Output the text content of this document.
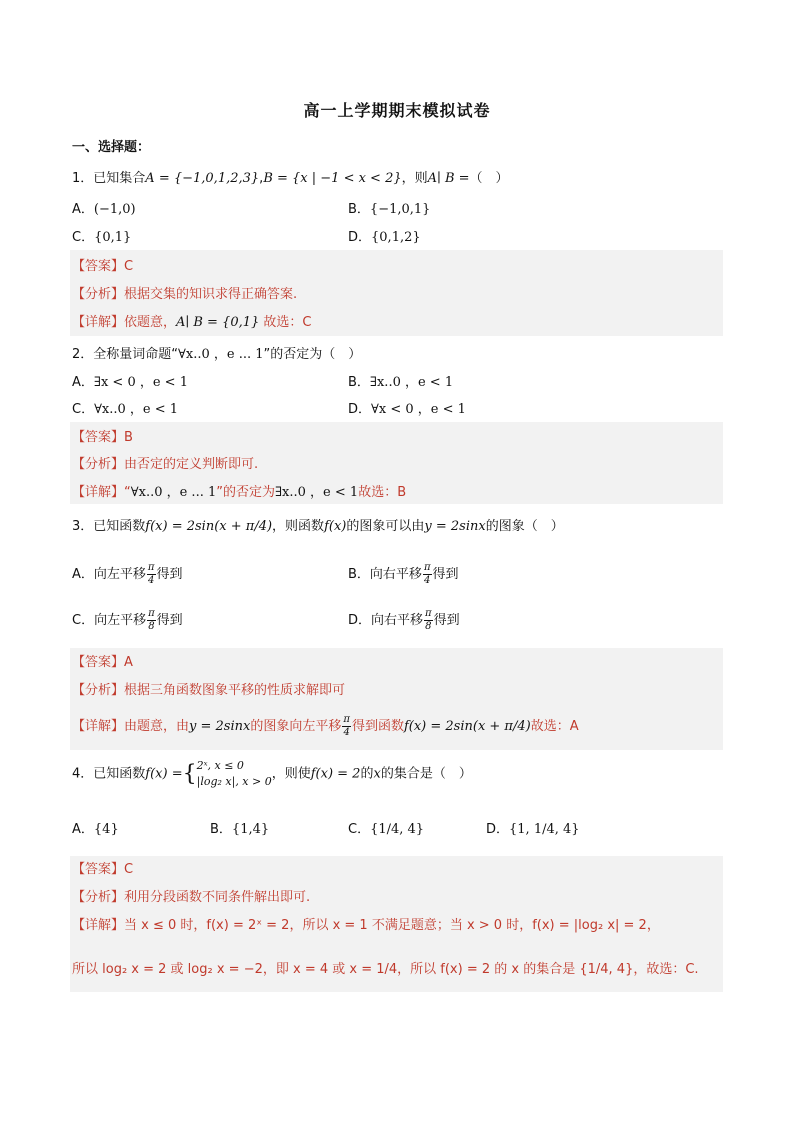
高一上学期期末模拟试卷
一、选择题：
1．已知集合A = {−1,0,1,2,3},B = {x | −1 < x < 2}，则A∣ B =（　）
A．(−1,0)	B．{−1,0,1}
C．{0,1}	D．{0,1,2}
【答案】C
【分析】根据交集的知识求得正确答案.
【详解】依题意，A∣ B = {0,1} 故选：C
2．全称量词命题“∀x..0 ，e ... 1”的否定为（　）
A．∃x < 0 ，e < 1	B．∃x..0 ，e < 1
C．∀x..0 ，e < 1	D．∀x < 0 ，e < 1
【答案】B
【分析】由否定的定义判断即可.
【详解】“∀x..0 ，e ... 1”的否定为∃x..0 ，e < 1故选：B
3．已知函数f(x) = 2sin(x + π/4)，则函数f(x)的图象可以由y = 2sinx的图象（　）
A．向左平移 $\frac{\pi}{4}$ 得到	B．向右平移 $\frac{\pi}{4}$ 得到
C．向左平移 $\frac{\pi}{8}$ 得到	D．向右平移 $\frac{\pi}{8}$ 得到
【答案】A
【分析】根据三角函数图象平移的性质求解即可
【详解】由题意，由y = 2sinx的图象向左平移 $\frac{\pi}{4}$ 得到函数f(x) = 2sin(x + π/4)故选：A
4．已知函数f(x) ={ 2ˣ, x ≤ 0
|log₂ x|, x > 0 ，则使f(x) = 2的x的集合是（　）
A．{4}	B．{1,4}	C．{1/4, 4}	D．{1, 1/4, 4}
【答案】C
【分析】利用分段函数不同条件解出即可.
【详解】当 x ≤ 0 时，f(x) = 2ˣ = 2，所以 x = 1 不满足题意；当 x > 0 时，f(x) = |log₂ x| = 2，
所以 log₂ x = 2 或 log₂ x = −2，即 x = 4 或 x = 1/4，所以 f(x) = 2 的 x 的集合是 {1/4, 4}，故选：C.
